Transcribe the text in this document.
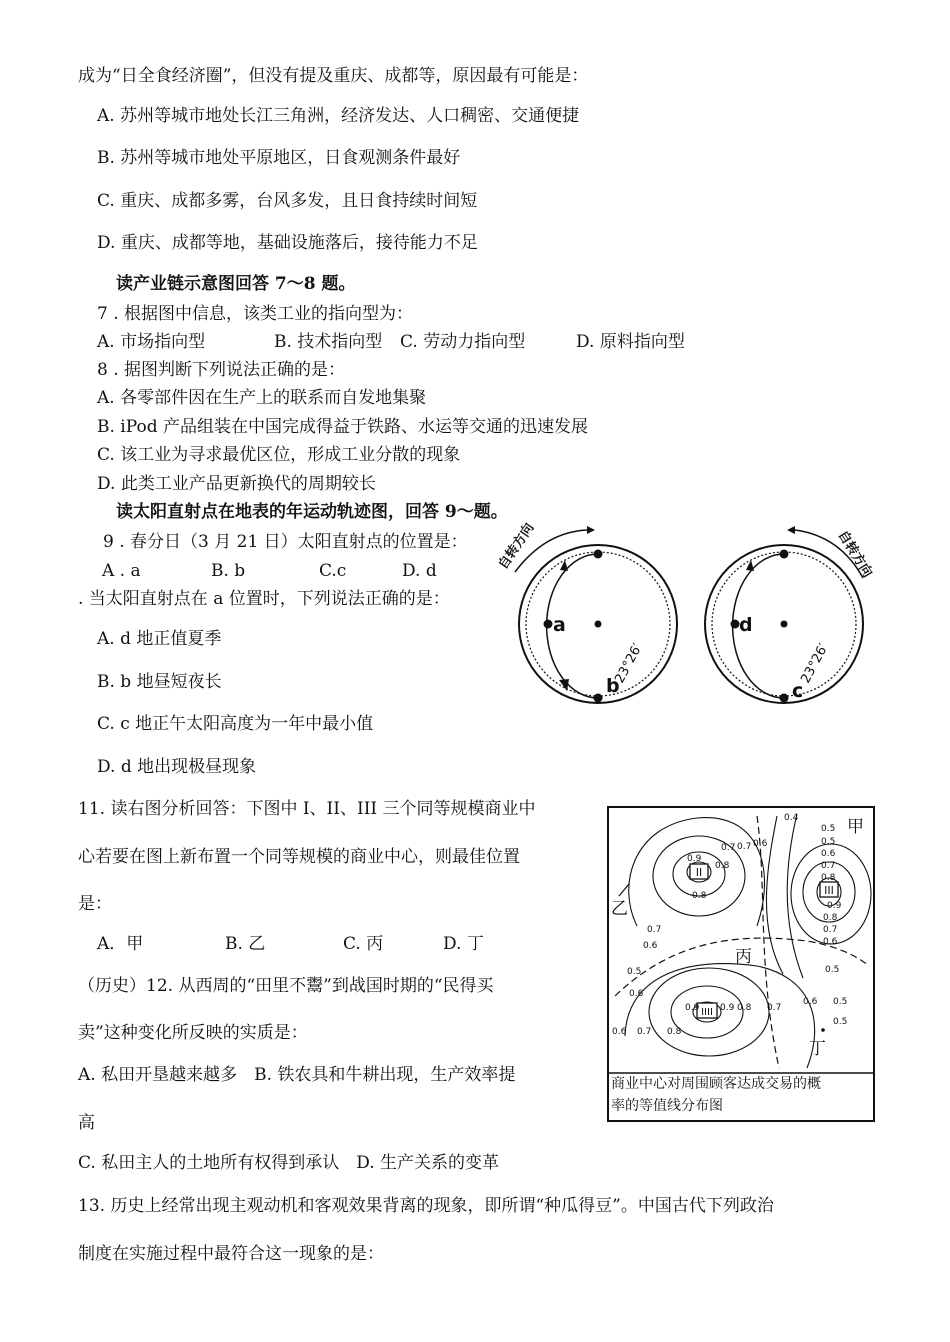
成为“日全食经济圈”，但没有提及重庆、成都等，原因最有可能是：
A. 苏州等城市地处长江三角洲，经济发达、人口稠密、交通便捷
B. 苏州等城市地处平原地区，日食观测条件最好
C. 重庆、成都多雾，台风多发，且日食持续时间短
D. 重庆、成都等地，基础设施落后，接待能力不足
读产业链示意图回答 7～8 题。
7 . 根据图中信息，该类工业的指向型为：
A. 市场指向型	B. 技术指向型 C. 劳动力指向型	D. 原料指向型
8 . 据图判断下列说法正确的是：
A. 各零部件因在生产上的联系而自发地集聚
B. iPod 产品组装在中国完成得益于铁路、水运等交通的迅速发展
C. 该工业为寻求最优区位，形成工业分散的现象
D. 此类工业产品更新换代的周期较长
读太阳直射点在地表的年运动轨迹图，回答 9～题。
9 . 春分日（3 月 21 日）太阳直射点的位置是：
A . a	B. b	C.c	D. d
. 当太阳直射点在 a 位置时，下列说法正确的是：
A. d 地正值夏季
B. b 地昼短夜长
C. c 地正午太阳高度为一年中最小值
D. d 地出现极昼现象
a
b
自转方向
23°26′
d
c
自转方向
23°26′
11. 读右图分析回答：下图中 I、II、III 三个同等规模商业中
心若要在图上新布置一个同等规模的商业中心，则最佳位置
是：
A．甲	B. 乙	C. 丙	D. 丁
II
III
IIII
0.9
0.8
0.7 0.7 0.6
0.8
0.7
0.6
0.4
0.5
0.5
0.6
0.7
0.8
0.9
0.8
0.7
0.6
0.5
0.5
0.6
0.6 0.7 0.8
0.9 0.9 0.8 0.7
0.6 0.5
0.5
甲
乙
丙
丁
商业中心对周围顾客达成交易的概
率的等值线分布图
（历史）12. 从西周的“田里不鬻”到战国时期的“民得买
卖”这种变化所反映的实质是：
A. 私田开垦越来越多　B. 铁农具和牛耕出现，生产效率提
高
C. 私田主人的土地所有权得到承认　D. 生产关系的变革
13. 历史上经常出现主观动机和客观效果背离的现象，即所谓“种瓜得豆”。中国古代下列政治
制度在实施过程中最符合这一现象的是：
